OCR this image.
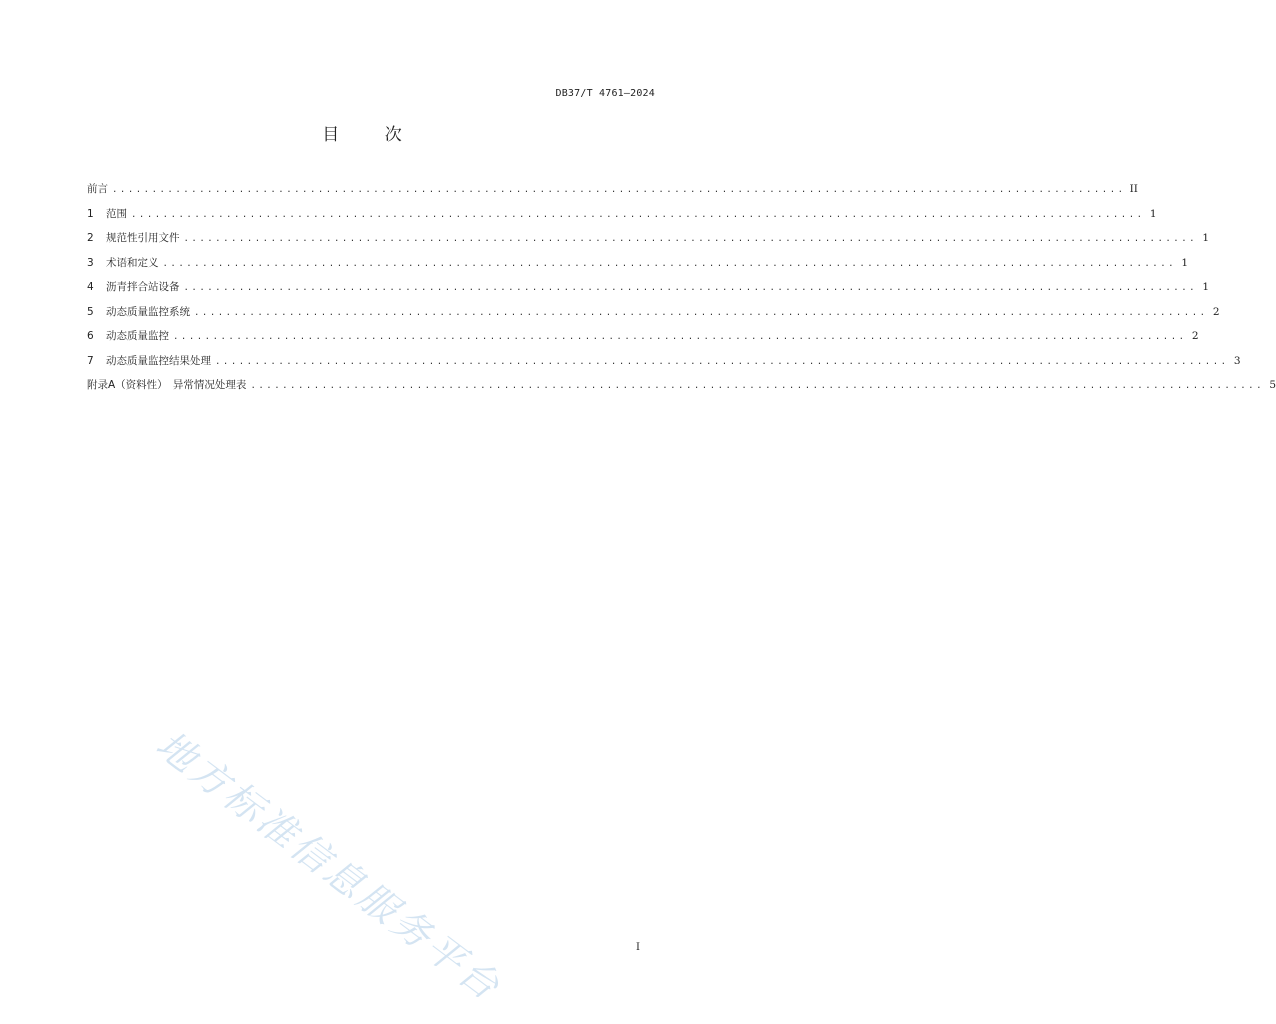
DB37/T 4761—2024
目	次
前言 ................................................................................................................................ II
1	范围 ................................................................................................................................ 1
2	规范性引用文件 ................................................................................................................................ 1
3	术语和定义 ................................................................................................................................ 1
4	沥青拌合站设备 ................................................................................................................................ 1
5	动态质量监控系统 ................................................................................................................................ 2
6	动态质量监控 ................................................................................................................................ 2
7	动态质量监控结果处理 ................................................................................................................................ 3
附录A（资料性）　异常情况处理表 ................................................................................................................................ 5
地方标准信息服务平台	I
